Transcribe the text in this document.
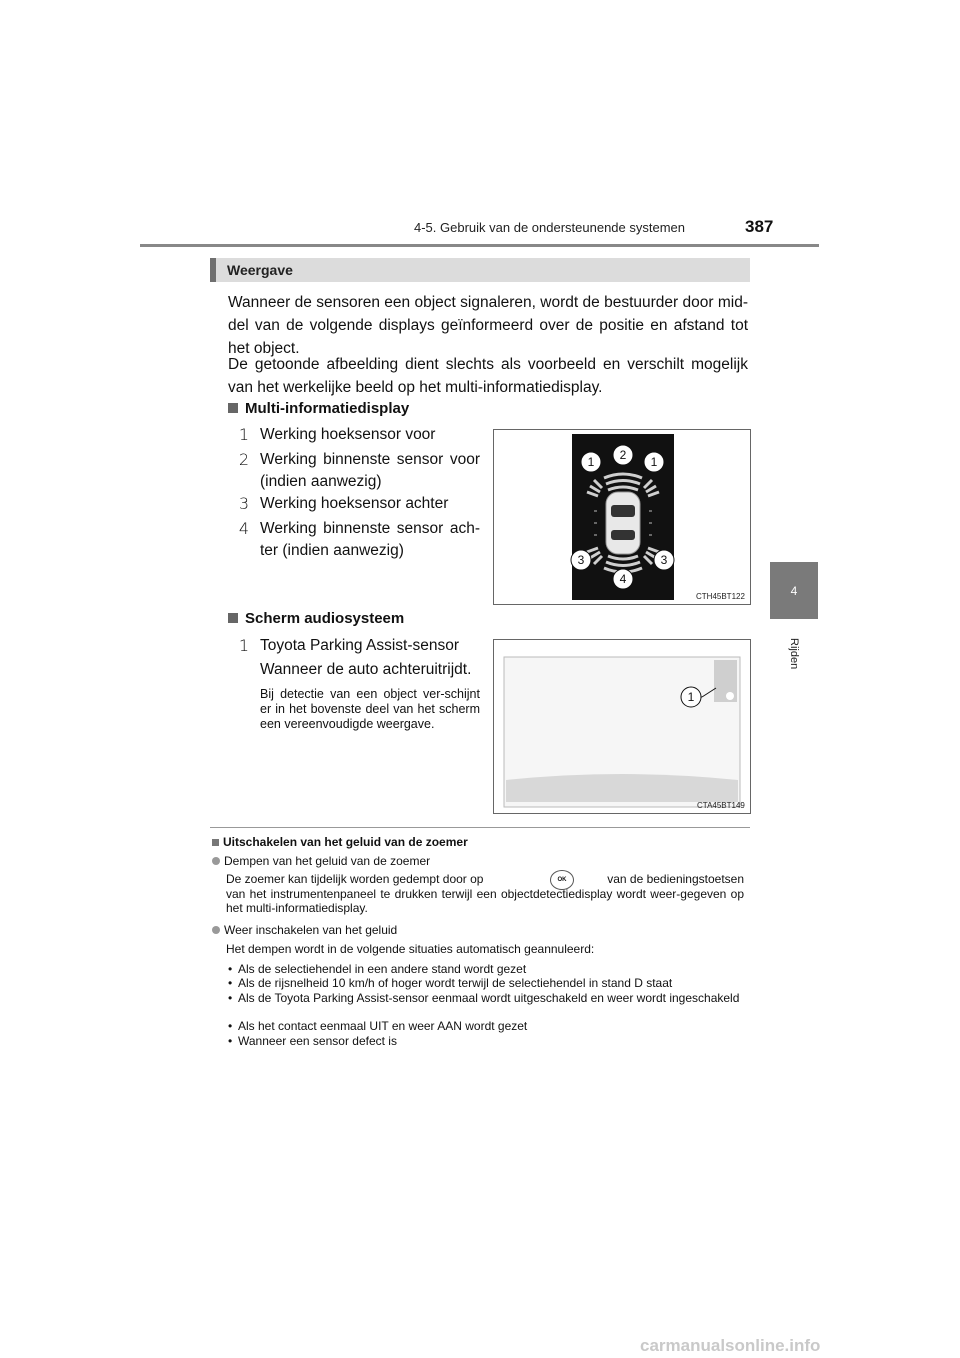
4-5. Gebruik van de ondersteunende systemen	387
4
Rijden
Weergave
Wanneer de sensoren een object signaleren, wordt de bestuurder door mid-del van de volgende displays geïnformeerd over de positie en afstand tot het object.
De getoonde afbeelding dient slechts als voorbeeld en verschilt mogelijk van het werkelijke beeld op het multi-informatiedisplay.
Multi-informatiedisplay
1 Werking hoeksensor voor
2 Werking binnenste sensor voor (indien aanwezig)
3 Werking hoeksensor achter
4 Werking binnenste sensor ach-ter (indien aanwezig)
1 2 1
3	3
4
CTH45BT122
Scherm audiosysteem
1 Toyota Parking Assist-sensor
Wanneer de auto achteruitrijdt.
Bij detectie van een object ver-schijnt er in het bovenste deel van het scherm een vereenvoudigde weergave.
1
CTA45BT149
Uitschakelen van het geluid van de zoemer
Dempen van het geluid van de zoemer
De zoemer kan tijdelijk worden gedempt door op	OK	van de bedieningstoetsen
van het instrumentenpaneel te drukken terwijl een objectdetectiedisplay wordt weer-gegeven op het multi-informatiedisplay.
Weer inschakelen van het geluid
Het dempen wordt in de volgende situaties automatisch geannuleerd:
• Als de selectiehendel in een andere stand wordt gezet
• Als de rijsnelheid 10 km/h of hoger wordt terwijl de selectiehendel in stand D staat
• Als de Toyota Parking Assist-sensor eenmaal wordt uitgeschakeld en weer wordt ingeschakeld
• Als het contact eenmaal UIT en weer AAN wordt gezet
• Wanneer een sensor defect is
carmanualsonline.info
